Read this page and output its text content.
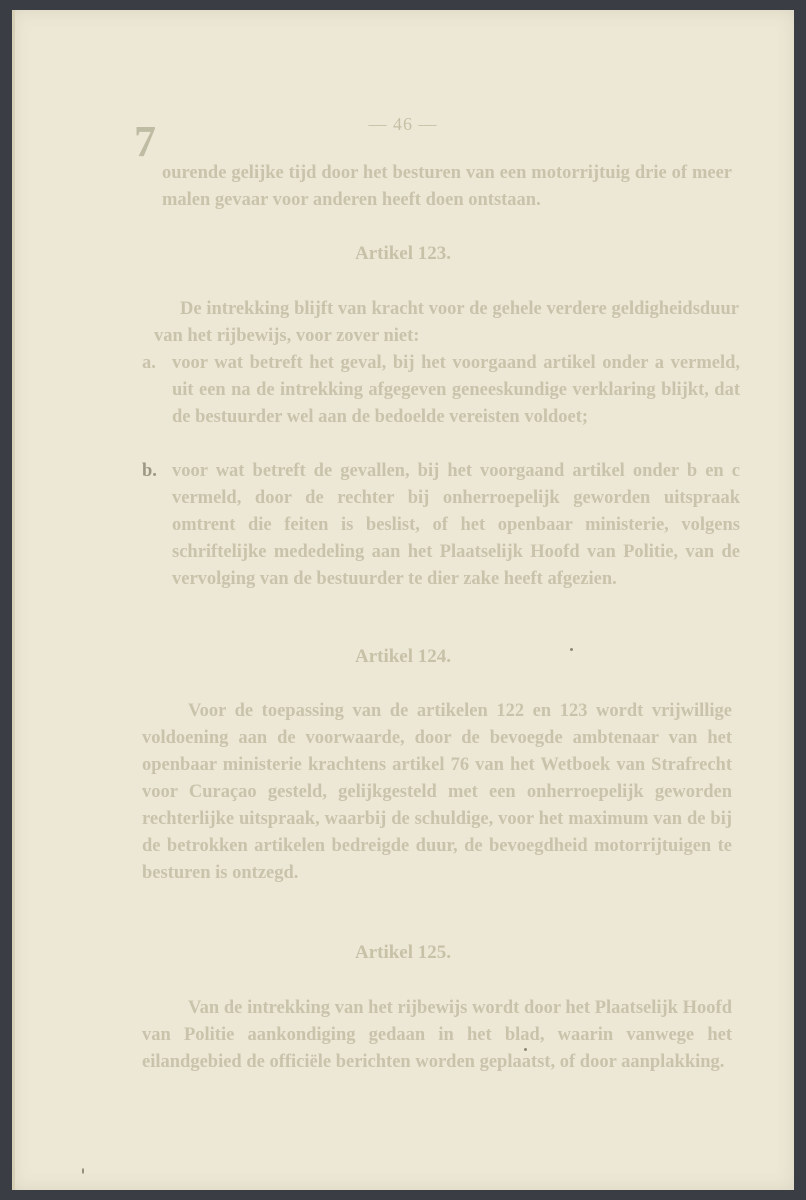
7	— 46 —

ourende gelijke tijd door het besturen van een motorrijtuig drie of meer malen gevaar voor anderen heeft doen ontstaan.

Artikel 123.

De intrekking blijft van kracht voor de gehele verdere geldigheidsduur van het rijbewijs, voor zover niet:

a. voor wat betreft het geval, bij het voorgaand artikel onder a vermeld, uit een na de intrekking afgegeven geneeskundige verklaring blijkt, dat de bestuurder wel aan de bedoelde vereisten voldoet;
b. voor wat betreft de gevallen, bij het voorgaand artikel onder b en c vermeld, door de rechter bij onherroepelijk geworden uitspraak omtrent die feiten is beslist, of het openbaar ministerie, volgens schriftelijke mededeling aan het Plaatselijk Hoofd van Politie, van de vervolging van de bestuurder te dier zake heeft afgezien.
Artikel 124.

Voor de toepassing van de artikelen 122 en 123 wordt vrijwillige voldoening aan de voorwaarde, door de bevoegde ambtenaar van het openbaar ministerie krachtens artikel 76 van het Wetboek van Strafrecht voor Curaçao gesteld, gelijkgesteld met een onherroepelijk geworden rechterlijke uitspraak, waarbij de schuldige, voor het maximum van de bij de betrokken artikelen bedreigde duur, de bevoegdheid motorrijtuigen te besturen is ontzegd.

Artikel 125.

Van de intrekking van het rijbewijs wordt door het Plaatselijk Hoofd van Politie aankondiging gedaan in het blad, waarin vanwege het eilandgebied de officiële berichten worden geplaatst, of door aanplakking.
